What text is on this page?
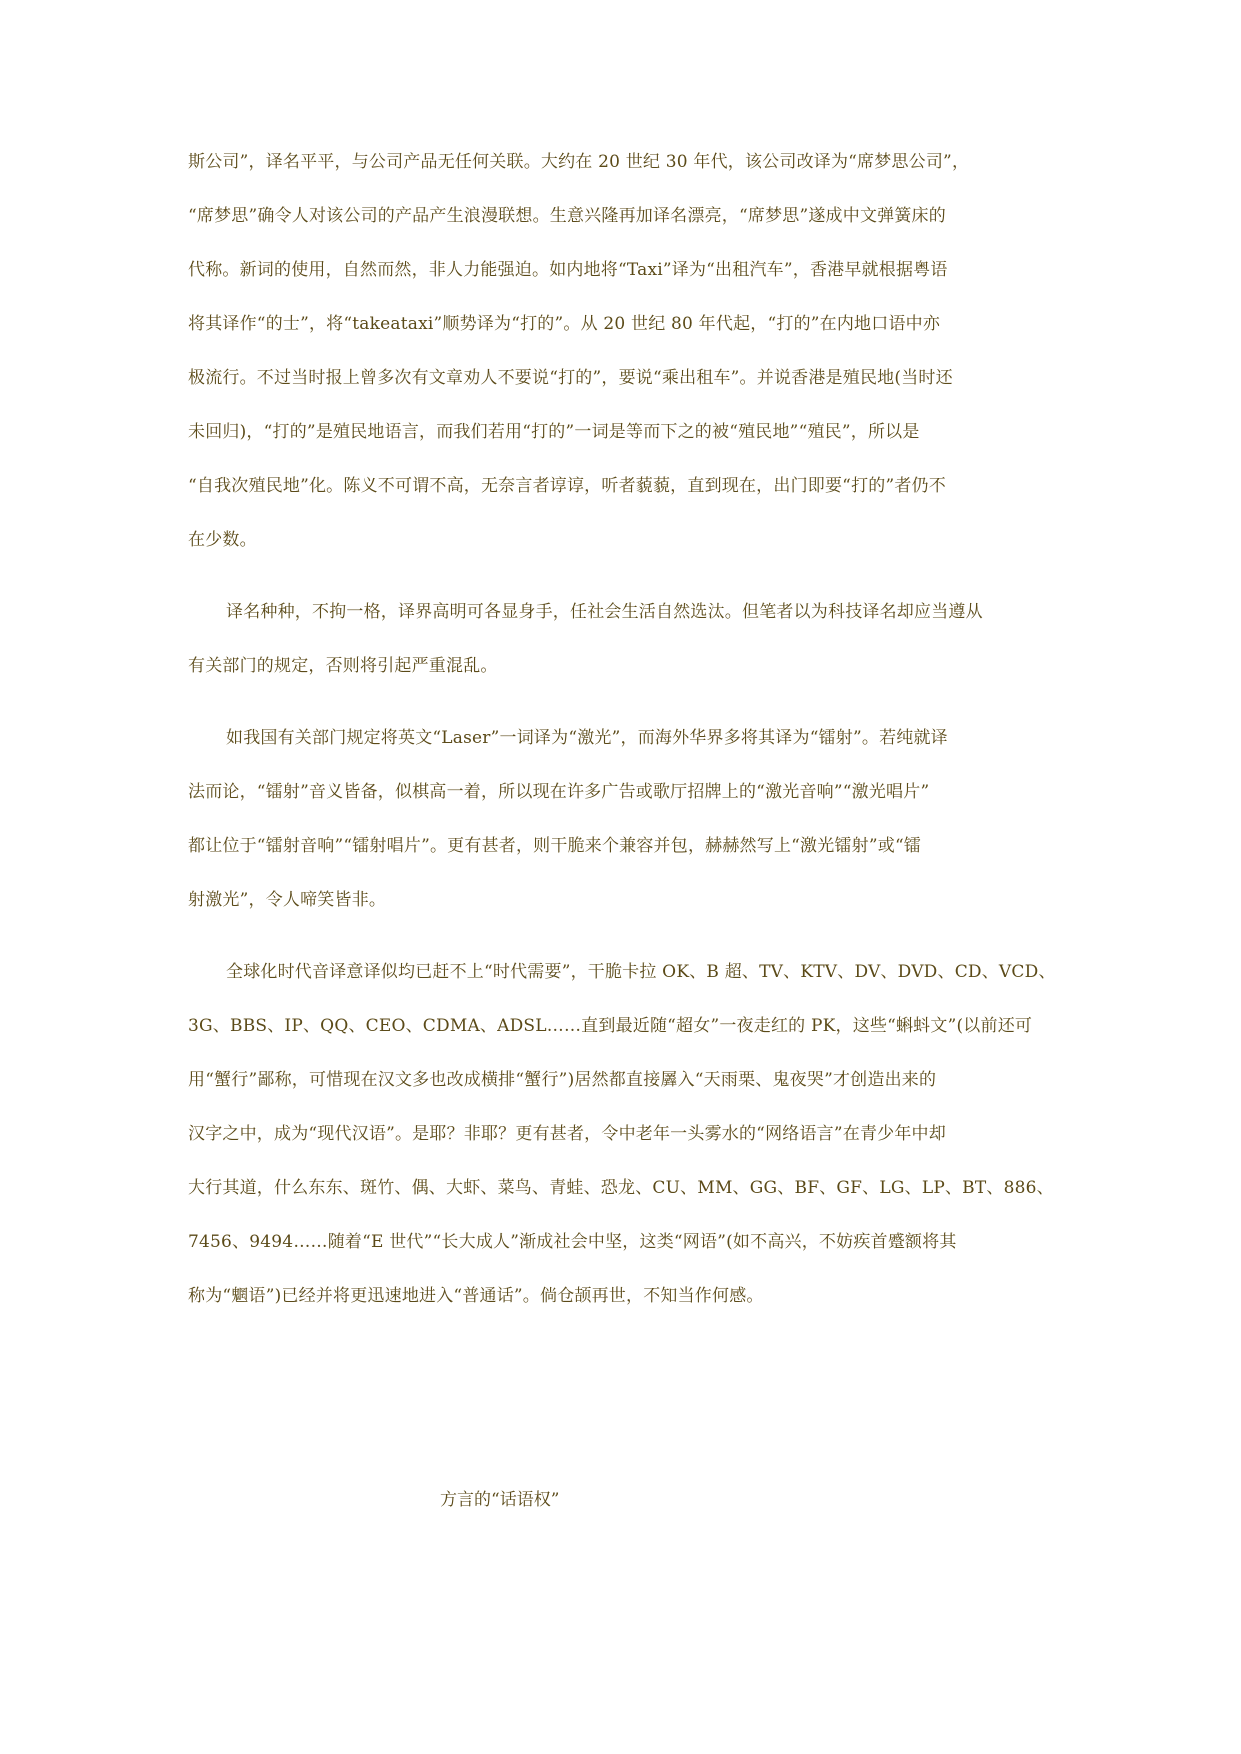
斯公司”，译名平平，与公司产品无任何关联。大约在 20 世纪 30 年代，该公司改译为“席梦思公司”，

“席梦思”确令人对该公司的产品产生浪漫联想。生意兴隆再加译名漂亮，“席梦思”遂成中文弹簧床的

代称。新词的使用，自然而然，非人力能强迫。如内地将“Taxi”译为“出租汽车”，香港早就根据粤语

将其译作“的士”，将“takeataxi”顺势译为“打的”。从 20 世纪 80 年代起，“打的”在内地口语中亦

极流行。不过当时报上曾多次有文章劝人不要说“打的”，要说“乘出租车”。并说香港是殖民地(当时还

未回归)，“打的”是殖民地语言，而我们若用“打的”一词是等而下之的被“殖民地”“殖民”，所以是

“自我次殖民地”化。陈义不可谓不高，无奈言者谆谆，听者藐藐，直到现在，出门即要“打的”者仍不

在少数。

译名种种，不拘一格，译界高明可各显身手，任社会生活自然选汰。但笔者以为科技译名却应当遵从

有关部门的规定，否则将引起严重混乱。

如我国有关部门规定将英文“Laser”一词译为“激光”，而海外华界多将其译为“镭射”。若纯就译

法而论，“镭射”音义皆备，似棋高一着，所以现在许多广告或歌厅招牌上的“激光音响”“激光唱片”

都让位于“镭射音响”“镭射唱片”。更有甚者，则干脆来个兼容并包，赫赫然写上“激光镭射”或“镭

射激光”，令人啼笑皆非。

全球化时代音译意译似均已赶不上“时代需要”，干脆卡拉 OK、B 超、TV、KTV、DV、DVD、CD、VCD、

3G、BBS、IP、QQ、CEO、CDMA、ADSL……直到最近随“超女”一夜走红的 PK，这些“蝌蚪文”(以前还可

用“蟹行”鄙称，可惜现在汉文多也改成横排“蟹行”)居然都直接羼入“天雨栗、鬼夜哭”才创造出来的

汉字之中，成为“现代汉语”。是耶？非耶？更有甚者，令中老年一头雾水的“网络语言”在青少年中却

大行其道，什么东东、斑竹、偶、大虾、菜鸟、青蛙、恐龙、CU、MM、GG、BF、GF、LG、LP、BT、886、

7456、9494……随着“E 世代”“长大成人”渐成社会中坚，这类“网语”(如不高兴，不妨疾首蹙额将其

称为“魍语”)已经并将更迅速地进入“普通话”。倘仓颉再世，不知当作何感。

方言的“话语权”
